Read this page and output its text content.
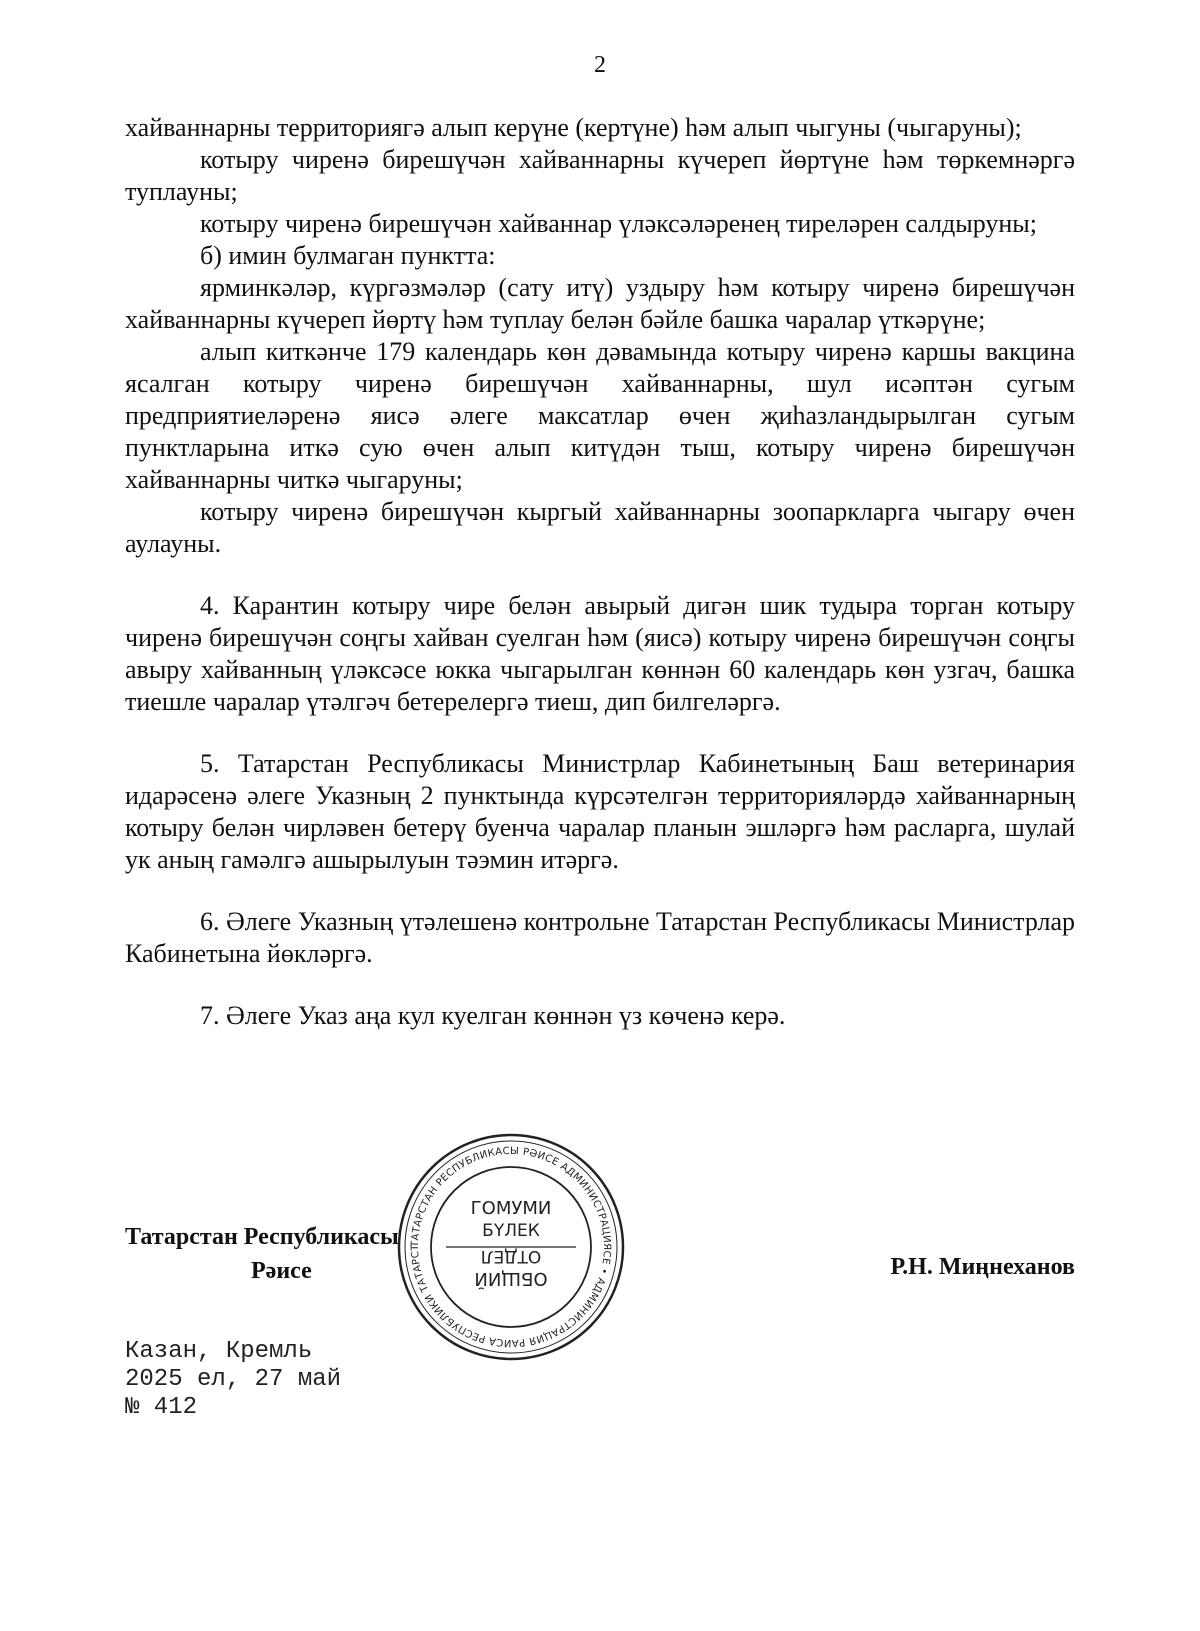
2

хайваннарны территориягә алып керүне (кертүне) һәм алып чыгуны (чыгаруны);

котыру чиренә бирешүчән хайваннарны күчереп йөртүне һәм төркемнәргә туплауны;

котыру чиренә бирешүчән хайваннар үләксәләренең тиреләрен салдыруны;

б) имин булмаган пунктта:

ярминкәләр, күргәзмәләр (сату итү) уздыру һәм котыру чиренә бирешүчән хайваннарны күчереп йөртү һәм туплау белән бәйле башка чаралар үткәрүне;

алып киткәнче 179 календарь көн дәвамында котыру чиренә каршы вакцина ясалган котыру чиренә бирешүчән хайваннарны, шул исәптән сугым предприятиеләренә яисә әлеге максатлар өчен җиһазландырылган сугым пунктларына иткә сую өчен алып китүдән тыш, котыру чиренә бирешүчән хайваннарны читкә чыгаруны;

котыру чиренә бирешүчән кыргый хайваннарны зоопаркларга чыгару өчен аулауны.

4. Карантин котыру чире белән авырый дигән шик тудыра торган котыру чиренә бирешүчән соңгы хайван суелган һәм (яисә) котыру чиренә бирешүчән соңгы авыру хайванның үләксәсе юкка чыгарылган көннән 60 календарь көн узгач, башка тиешле чаралар үтәлгәч бетерелергә тиеш, дип билгеләргә.

5. Татарстан Республикасы Министрлар Кабинетының Баш ветеринария идарәсенә әлеге Указның 2 пунктында күрсәтелгән территорияләрдә хайваннарның котыру белән чирләвен бетерү буенча чаралар планын эшләргә һәм расларга, шулай ук аның гамәлгә ашырылуын тәэмин итәргә.

6. Әлеге Указның үтәлешенә контрольне Татарстан Республикасы Министрлар Кабинетына йөкләргә.

7. Әлеге Указ аңа кул куелган көннән үз көченә керә.

Татарстан Республикасы
Рәисе	Р.Н. Миңнеханов
ТАТАРСТАН РЕСПУБЛИКАСЫ РӘИСЕ АДМИНИСТРАЦИЯСЕ • АДМИНИСТРАЦИЯ РАИСА РЕСПУБЛИКИ ТАТАРСТ
ГОМУМИ
БҮЛЕК
ОТДЕЛ
ОБЩИЙ
Казан, Кремль
2025 ел, 27 май
№ 412
